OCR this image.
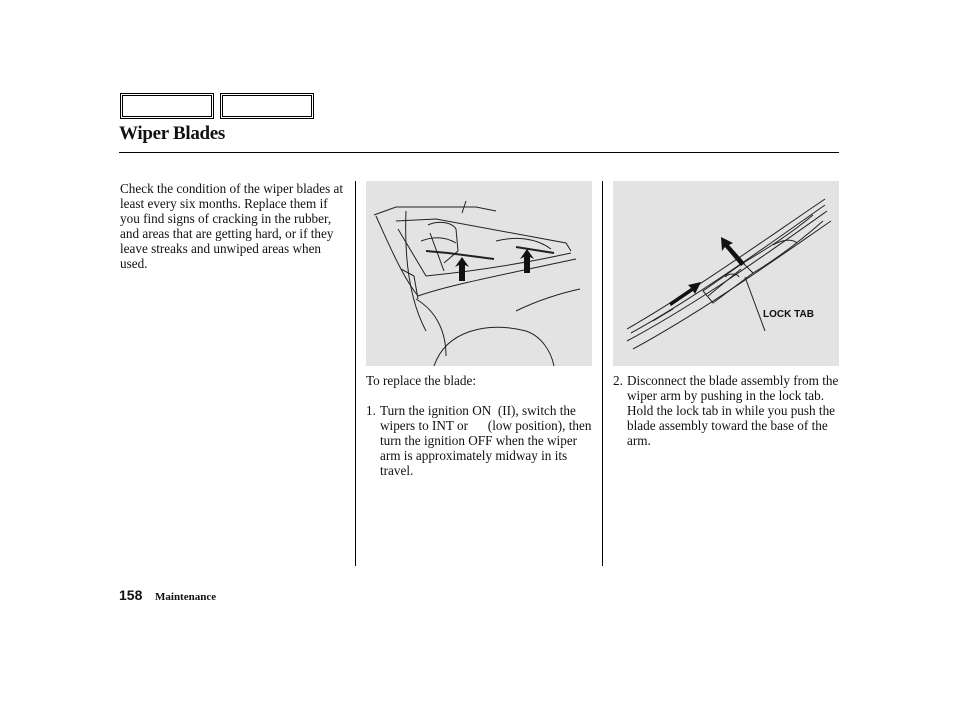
Wiper Blades
Check the condition of the wiper blades at least every six months. Replace them if you find signs of cracking in the rubber, and areas that are getting hard, or if they leave streaks and unwiped areas when used.
LOCK TAB
To replace the blade:
1. Turn the ignition ON  (II), switch the wipers to INT or      (low position), then turn the ignition OFF when the wiper arm is approximately midway in its travel.
2. Disconnect the blade assembly from the wiper arm by pushing in the lock tab. Hold the lock tab in while you push the blade assembly toward the base of the arm.
158 Maintenance
